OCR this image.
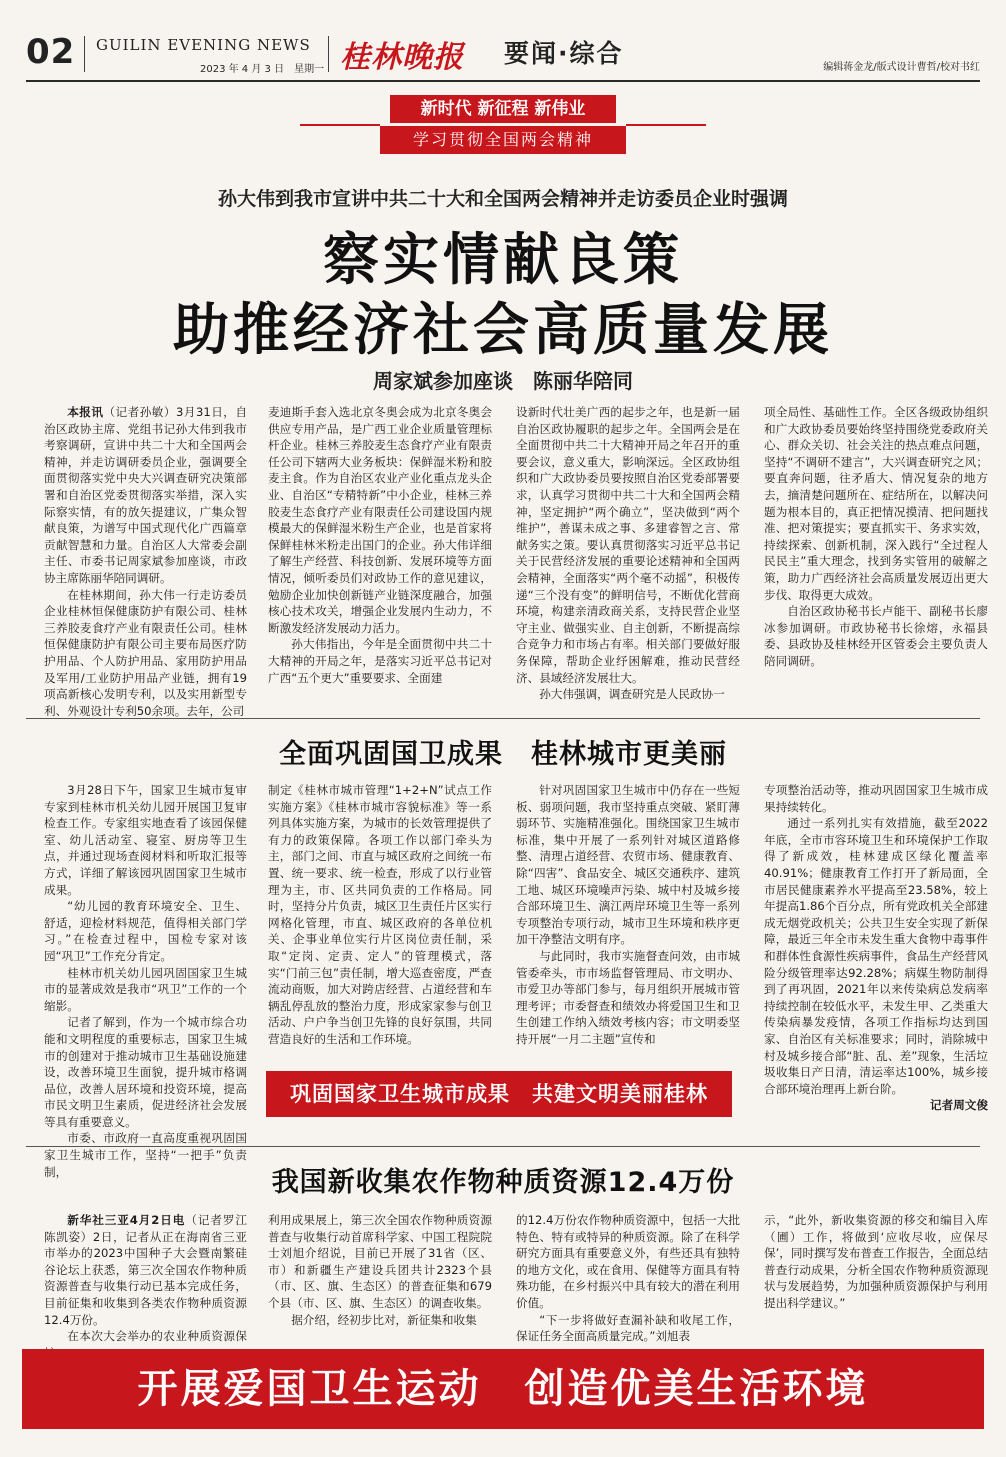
02 GUILIN EVENING NEWS
2023 年 4 月 3 日　星期一 桂林晚报 要闻·综合	编辑蒋金龙/版式设计曹哲/校对书红
新时代 新征程 新伟业
学习贯彻全国两会精神
孙大伟到我市宣讲中共二十大和全国两会精神并走访委员企业时强调
察实情献良策
助推经济社会高质量发展
周家斌参加座谈　陈丽华陪同

本报讯（记者孙敏）3月31日，自治区政协主席、党组书记孙大伟到我市考察调研，宣讲中共二十大和全国两会精神，并走访调研委员企业，强调要全面贯彻落实党中央大兴调查研究决策部署和自治区党委贯彻落实举措，深入实际察实情，有的放矢提建议，广集众智献良策，为谱写中国式现代化广西篇章贡献智慧和力量。自治区人大常委会副主任、市委书记周家斌参加座谈，市政协主席陈丽华陪同调研。

在桂林期间，孙大伟一行走访委员企业桂林恒保健康防护有限公司、桂林三养胶麦食疗产业有限责任公司。桂林恒保健康防护有限公司主要布局医疗防护用品、个人防护用品、家用防护用品及军用/工业防护用品产业链，拥有19项高新核心发明专利，以及实用新型专利、外观设计专利50余项。去年，公司

麦迪斯手套入选北京冬奥会成为北京冬奥会供应专用产品，是广西工业企业质量管理标杆企业。桂林三养胶麦生态食疗产业有限责任公司下辖两大业务板块：保鲜湿米粉和胶麦主食。作为自治区农业产业化重点龙头企业、自治区“专精特新”中小企业，桂林三养胶麦生态食疗产业有限责任公司建设国内规模最大的保鲜湿米粉生产企业，也是首家将保鲜桂林米粉走出国门的企业。孙大伟详细了解生产经营、科技创新、发展环境等方面情况，倾听委员们对政协工作的意见建议，勉励企业加快创新链产业链深度融合，加强核心技术攻关，增强企业发展内生动力，不断激发经济发展动力活力。

孙大伟指出，今年是全面贯彻中共二十大精神的开局之年，是落实习近平总书记对广西“五个更大”重要要求、全面建

设新时代壮美广西的起步之年，也是新一届自治区政协履职的起步之年。全国两会是在全面贯彻中共二十大精神开局之年召开的重要会议，意义重大，影响深远。全区政协组织和广大政协委员要按照自治区党委部署要求，认真学习贯彻中共二十大和全国两会精神，坚定拥护“两个确立”，坚决做到“两个维护”，善谋未成之事、多建睿智之言、常献务实之策。要认真贯彻落实习近平总书记关于民营经济发展的重要论述精神和全国两会精神，全面落实“两个毫不动摇”，积极传递“三个没有变”的鲜明信号，不断优化营商环境，构建亲清政商关系，支持民营企业坚守主业、做强实业、自主创新，不断提高综合竞争力和市场占有率。相关部门要做好服务保障，帮助企业纾困解难，推动民营经济、县域经济发展壮大。

孙大伟强调，调查研究是人民政协一

项全局性、基础性工作。全区各级政协组织和广大政协委员要始终坚持围绕党委政府关心、群众关切、社会关注的热点难点问题，坚持“不调研不建言”，大兴调查研究之风；要直奔问题，往矛盾大、情况复杂的地方去，摘清楚问题所在、症结所在，以解决问题为根本目的，真正把情况摸清、把问题找准、把对策提实；要直抓实干、务求实效，持续探索、创新机制，深入践行“全过程人民民主”重大理念，找到务实管用的破解之策，助力广西经济社会高质量发展迈出更大步伐、取得更大成效。

自治区政协秘书长卢能干、副秘书长廖冰参加调研。市政协秘书长徐熔，永福县委、县政协及桂林经开区管委会主要负责人陪同调研。

全面巩固国卫成果　桂林城市更美丽

3月28日下午，国家卫生城市复审专家到桂林市机关幼儿园开展国卫复审检查工作。专家组实地查看了该园保健室、幼儿活动室、寝室、厨房等卫生点，并通过现场查阅材料和听取汇报等方式，详细了解该园巩固国家卫生城市成果。

“幼儿园的教育环境安全、卫生、舒适，迎检材料规范，值得相关部门学习。”在检查过程中，国检专家对该园“巩卫”工作充分肯定。

桂林市机关幼儿园巩固国家卫生城市的显著成效是我市“巩卫”工作的一个缩影。

记者了解到，作为一个城市综合功能和文明程度的重要标志，国家卫生城市的创建对于推动城市卫生基础设施建设，改善环境卫生面貌，提升城市格调品位，改善人居环境和投资环境，提高市民文明卫生素质，促进经济社会发展等具有重要意义。

市委、市政府一直高度重视巩固国家卫生城市工作，坚持“一把手”负责制，

制定《桂林市城市管理“1+2+N”试点工作实施方案》《桂林市城市容貌标准》等一系列具体实施方案，为城市的长效管理提供了有力的政策保障。各项工作以部门牵头为主，部门之间、市直与城区政府之间统一布置、统一要求、统一检查，形成了以行业管理为主，市、区共同负责的工作格局。同时，坚持分片负责，城区卫生责任片区实行网格化管理，市直、城区政府的各单位机关、企事业单位实行片区岗位责任制，采取“定岗、定责、定人”的管理模式，落实“门前三包”责任制，增大巡查密度，严查流动商贩，加大对跨店经营、占道经营和车辆乱停乱放的整治力度，形成家家参与创卫活动、户户争当创卫先锋的良好氛围，共同营造良好的生活和工作环境。

针对巩固国家卫生城市中仍存在一些短板、弱项问题，我市坚持重点突破、紧盯薄弱环节、实施精准强化。围绕国家卫生城市标准，集中开展了一系列针对城区道路修整、清理占道经营、农贸市场、健康教育、除“四害”、食品安全、城区交通秩序、建筑工地、城区环境噪声污染、城中村及城乡接合部环境卫生、漓江两岸环境卫生等一系列专项整治专项行动，城市卫生环境和秩序更加干净整洁文明有序。

与此同时，我市实施督查问效，由市城管委牵头，市市场监督管理局、市文明办、市爱卫办等部门参与，每月组织开展城市管理考评；市委督查和绩效办将爱国卫生和卫生创建工作纳入绩效考核内容；市文明委坚持开展“一月二主题”宣传和

专项整治活动等，推动巩固国家卫生城市成果持续转化。

通过一系列扎实有效措施，截至2022年底，全市市容环境卫生和环境保护工作取得了新成效，桂林建成区绿化覆盖率40.91%；健康教育工作打开了新局面，全市居民健康素养水平提高至23.58%，较上年提高1.86个百分点，所有党政机关全部建成无烟党政机关；公共卫生安全实现了新保障，最近三年全市未发生重大食物中毒事件和群体性食源性疾病事件，食品生产经营风险分级管理率达92.28%；病媒生物防制得到了再巩固，2021年以来传染病总发病率持续控制在较低水平，未发生甲、乙类重大传染病暴发疫情，各项工作指标均达到国家、自治区有关标准要求；同时，消除城中村及城乡接合部“脏、乱、差”现象，生活垃圾收集日产日清，清运率达100%，城乡接合部环境治理再上新台阶。

记者周文俊

巩固国家卫生城市成果　共建文明美丽桂林
我国新收集农作物种质资源12.4万份

新华社三亚4月2日电（记者罗江　陈凯姿）2日，记者从正在海南省三亚市举办的2023中国种子大会暨南繁硅谷论坛上获悉，第三次全国农作物种质资源普查与收集行动已基本完成任务，目前征集和收集到各类农作物种质资源12.4万份。

在本次大会举办的农业种质资源保

利用成果展上，第三次全国农作物种质资源普查与收集行动首席科学家、中国工程院院士刘旭介绍说，目前已开展了31省（区、市）和新疆生产建设兵团共计2323个县（市、区、旗、生态区）的普查征集和679个县（市、区、旗、生态区）的调查收集。

据介绍，经初步比对，新征集和收集

的12.4万份农作物种质资源中，包括一大批特色、特有或特异的种质资源。除了在科学研究方面具有重要意义外，有些还具有独特的地方文化，或在食用、保健等方面具有特殊功能，在乡村振兴中具有较大的潜在利用价值。

“下一步将做好查漏补缺和收尾工作，保证任务全面高质量完成。”刘旭表

示，“此外，新收集资源的移交和编目入库（圃）工作，将做到‘应收尽收，应保尽保’，同时撰写发布普查工作报告，全面总结普查行动成果，分析全国农作物种质资源现状与发展趋势，为加强种质资源保护与利用提出科学建议。”

开展爱国卫生运动　创造优美生活环境
